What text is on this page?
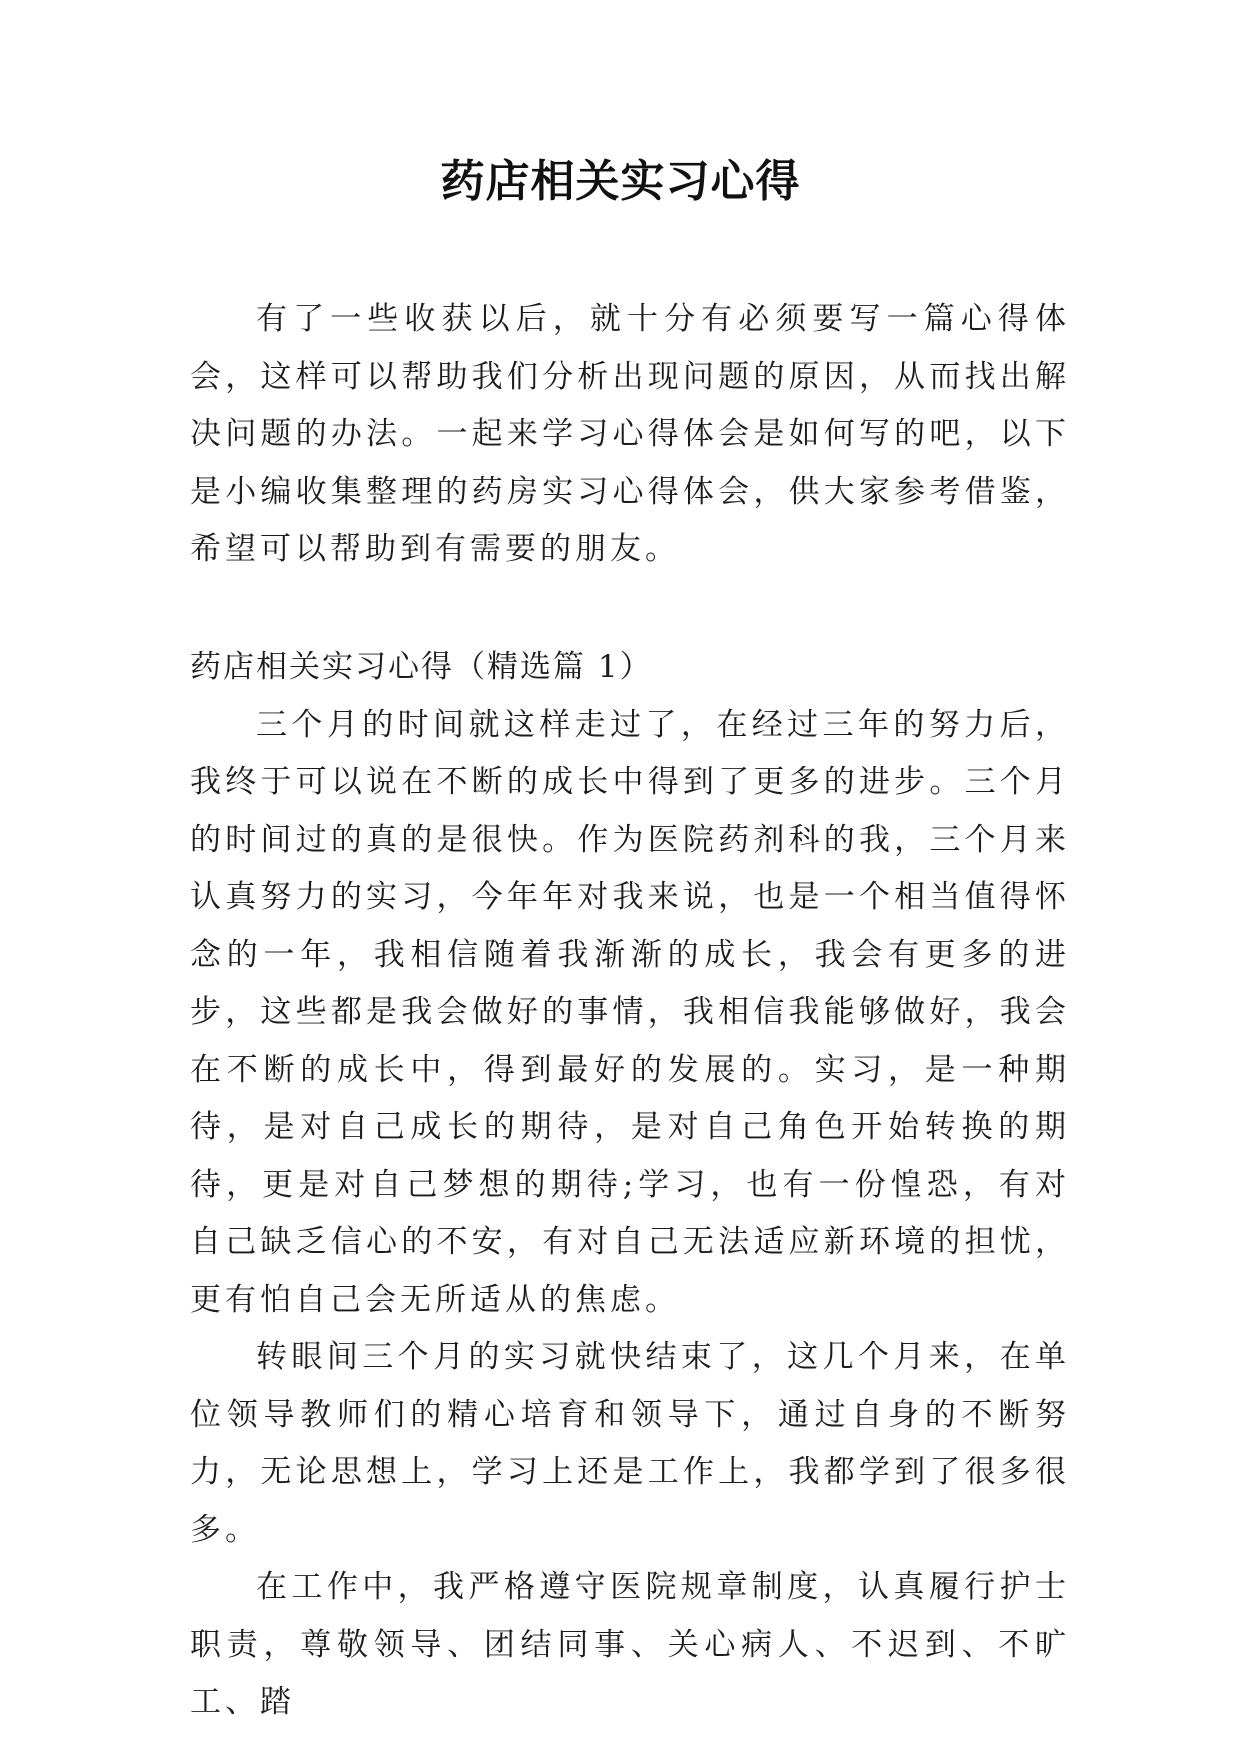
药店相关实习心得

有了一些收获以后，就十分有必须要写一篇心得体会，这样可以帮助我们分析出现问题的原因，从而找出解决问题的办法。一起来学习心得体会是如何写的吧，以下是小编收集整理的药房实习心得体会，供大家参考借鉴，希望可以帮助到有需要的朋友。

药店相关实习心得（精选篇 1）

三个月的时间就这样走过了，在经过三年的努力后，我终于可以说在不断的成长中得到了更多的进步。三个月的时间过的真的是很快。作为医院药剂科的我，三个月来认真努力的实习，今年年对我来说，也是一个相当值得怀念的一年，我相信随着我渐渐的成长，我会有更多的进步，这些都是我会做好的事情，我相信我能够做好，我会在不断的成长中，得到最好的发展的。实习，是一种期待，是对自己成长的期待，是对自己角色开始转换的期待，更是对自己梦想的期待;学习，也有一份惶恐，有对自己缺乏信心的不安，有对自己无法适应新环境的担忧，更有怕自己会无所适从的焦虑。

转眼间三个月的实习就快结束了，这几个月来，在单位领导教师们的精心培育和领导下，通过自身的不断努力，无论思想上，学习上还是工作上，我都学到了很多很多。

在工作中，我严格遵守医院规章制度，认真履行护士职责，尊敬领导、团结同事、关心病人、不迟到、不旷工、踏
